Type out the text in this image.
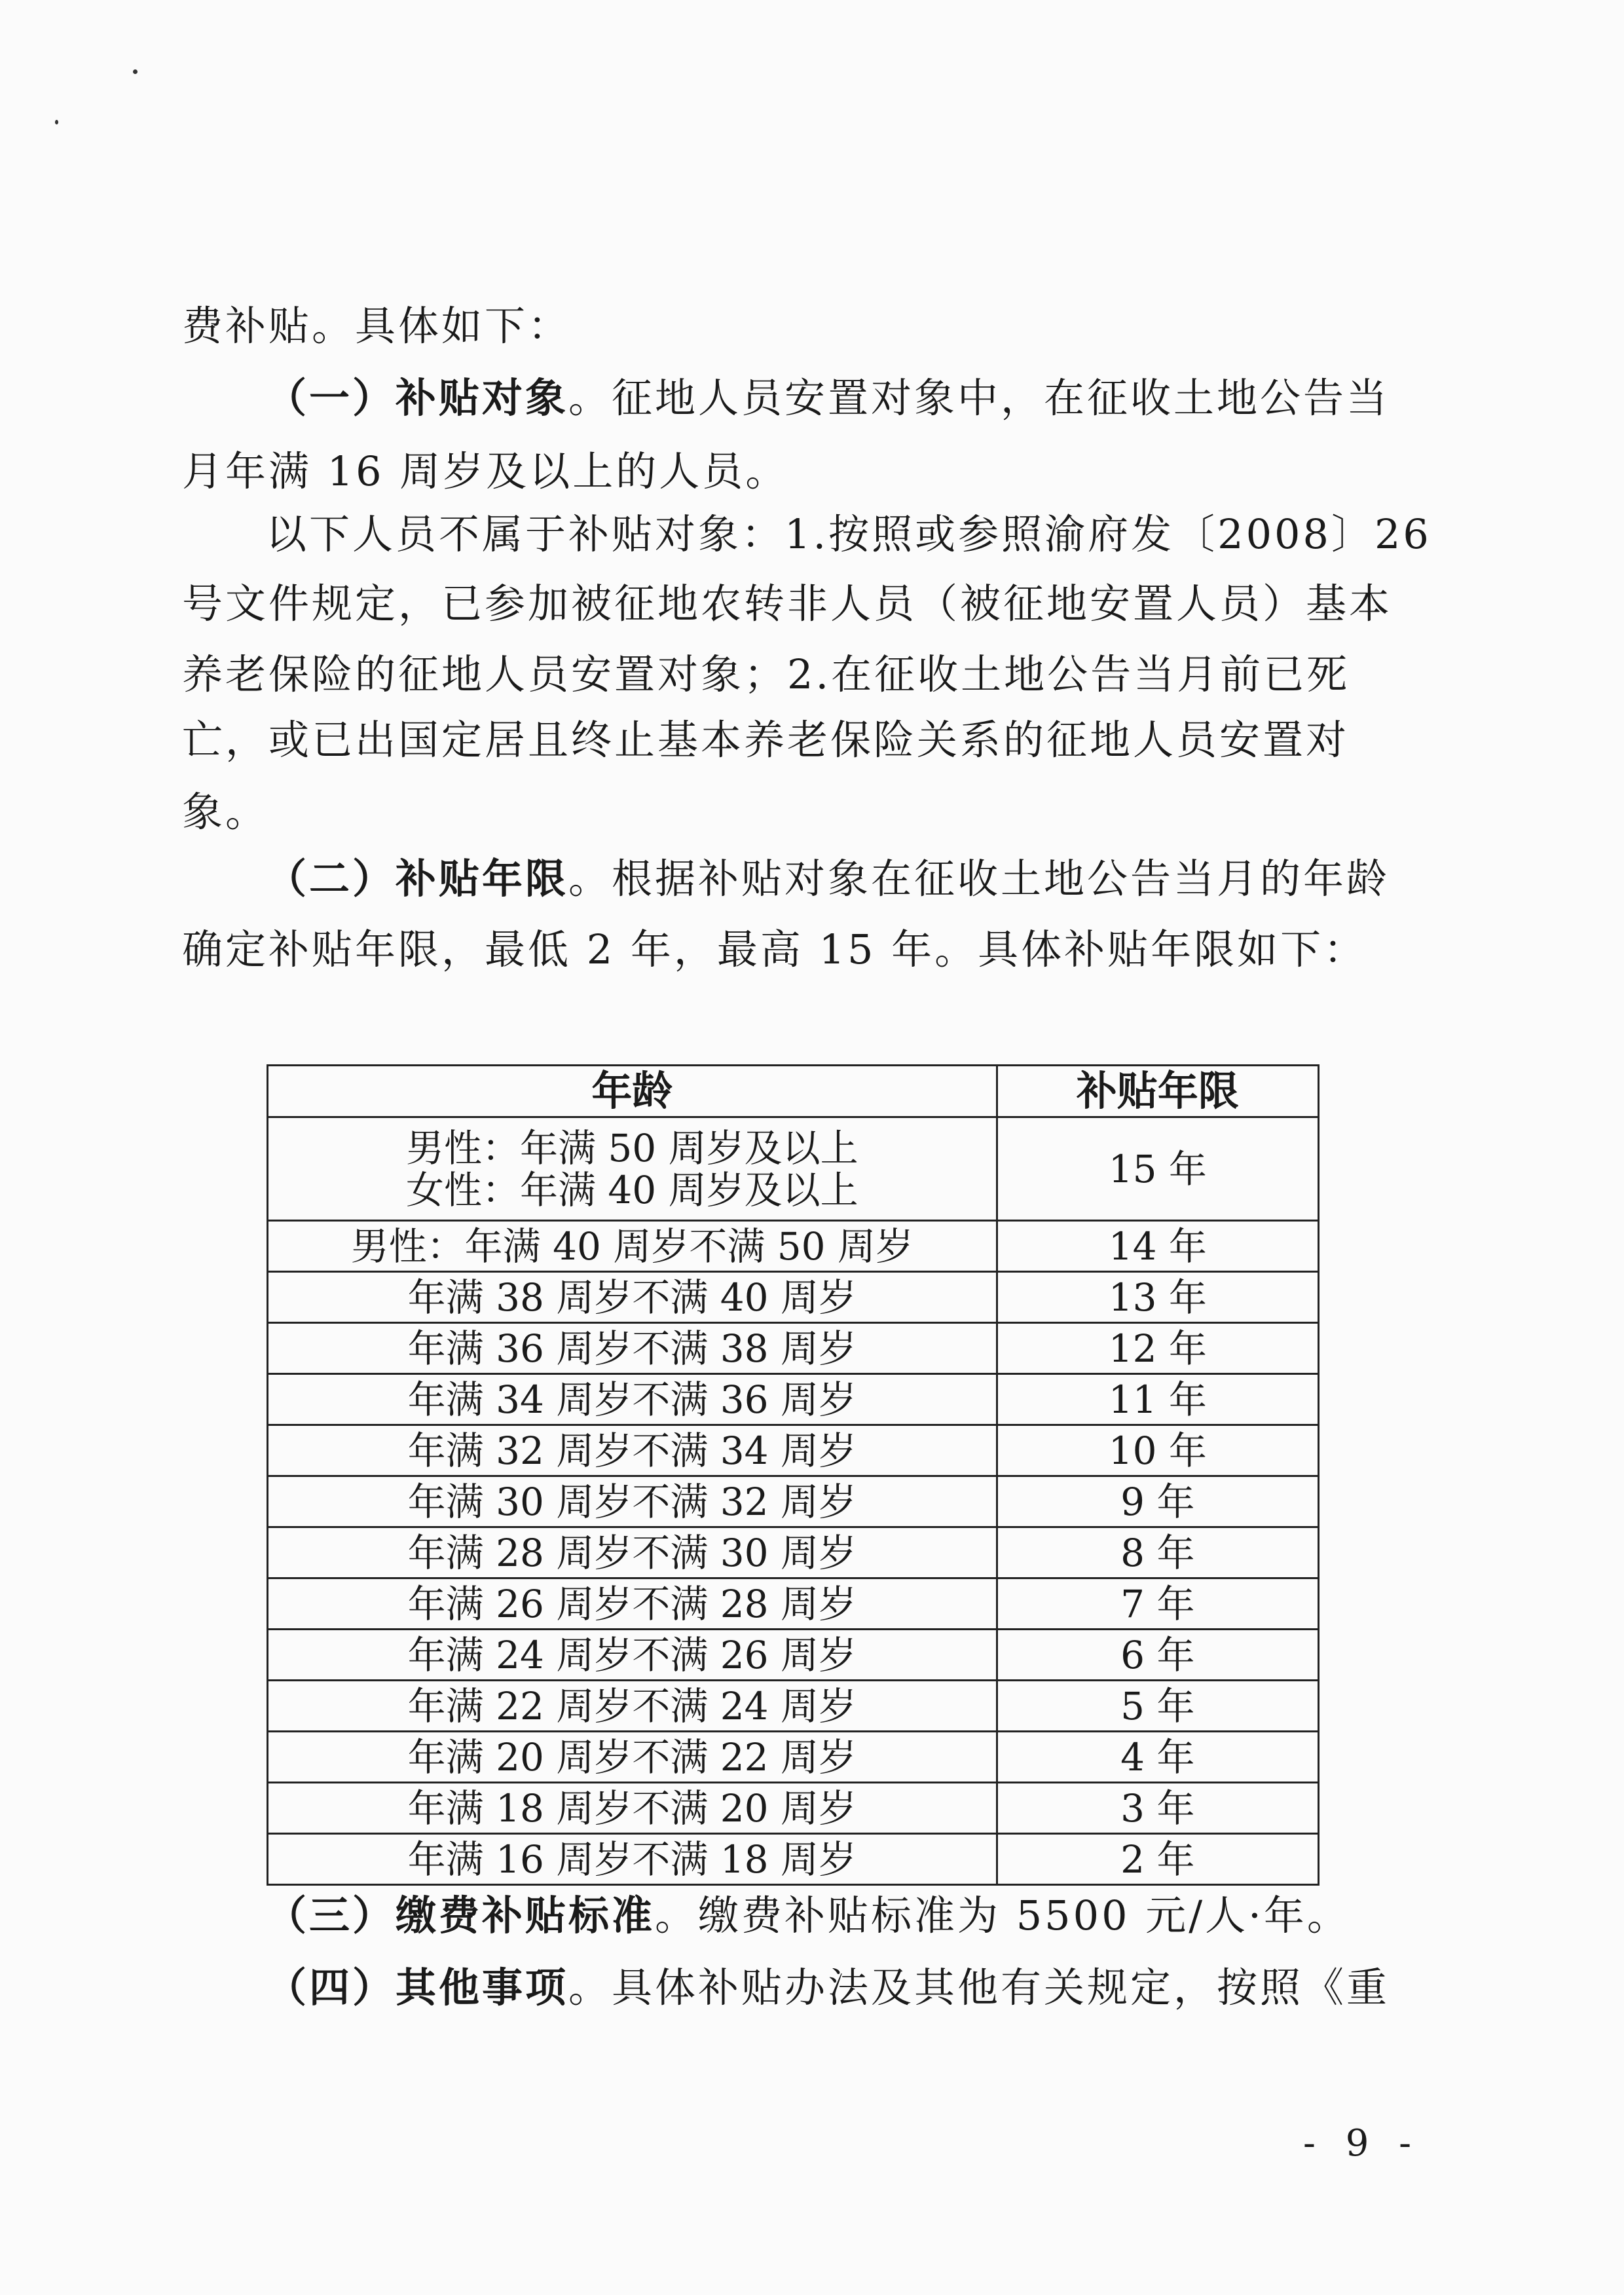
费补贴。具体如下：
（一）补贴对象。征地人员安置对象中，在征收土地公告当
月年满 16 周岁及以上的人员。
以下人员不属于补贴对象：1.按照或参照渝府发〔2008〕26
号文件规定，已参加被征地农转非人员（被征地安置人员）基本
养老保险的征地人员安置对象；2.在征收土地公告当月前已死
亡，或已出国定居且终止基本养老保险关系的征地人员安置对
象。
（二）补贴年限。根据补贴对象在征收土地公告当月的年龄
确定补贴年限，最低 2 年，最高 15 年。具体补贴年限如下：
年龄	补贴年限

男性：年满 50 周岁及以上
女性：年满 40 周岁及以上	15 年
男性：年满 40 周岁不满 50 周岁	14 年
年满 38 周岁不满 40 周岁	13 年
年满 36 周岁不满 38 周岁	12 年
年满 34 周岁不满 36 周岁	11 年
年满 32 周岁不满 34 周岁	10 年
年满 30 周岁不满 32 周岁	9 年
年满 28 周岁不满 30 周岁	8 年
年满 26 周岁不满 28 周岁	7 年
年满 24 周岁不满 26 周岁	6 年
年满 22 周岁不满 24 周岁	5 年
年满 20 周岁不满 22 周岁	4 年
年满 18 周岁不满 20 周岁	3 年
年满 16 周岁不满 18 周岁	2 年
（三）缴费补贴标准。缴费补贴标准为 5500 元/人·年。
（四）其他事项。具体补贴办法及其他有关规定，按照《重
- 9 -
